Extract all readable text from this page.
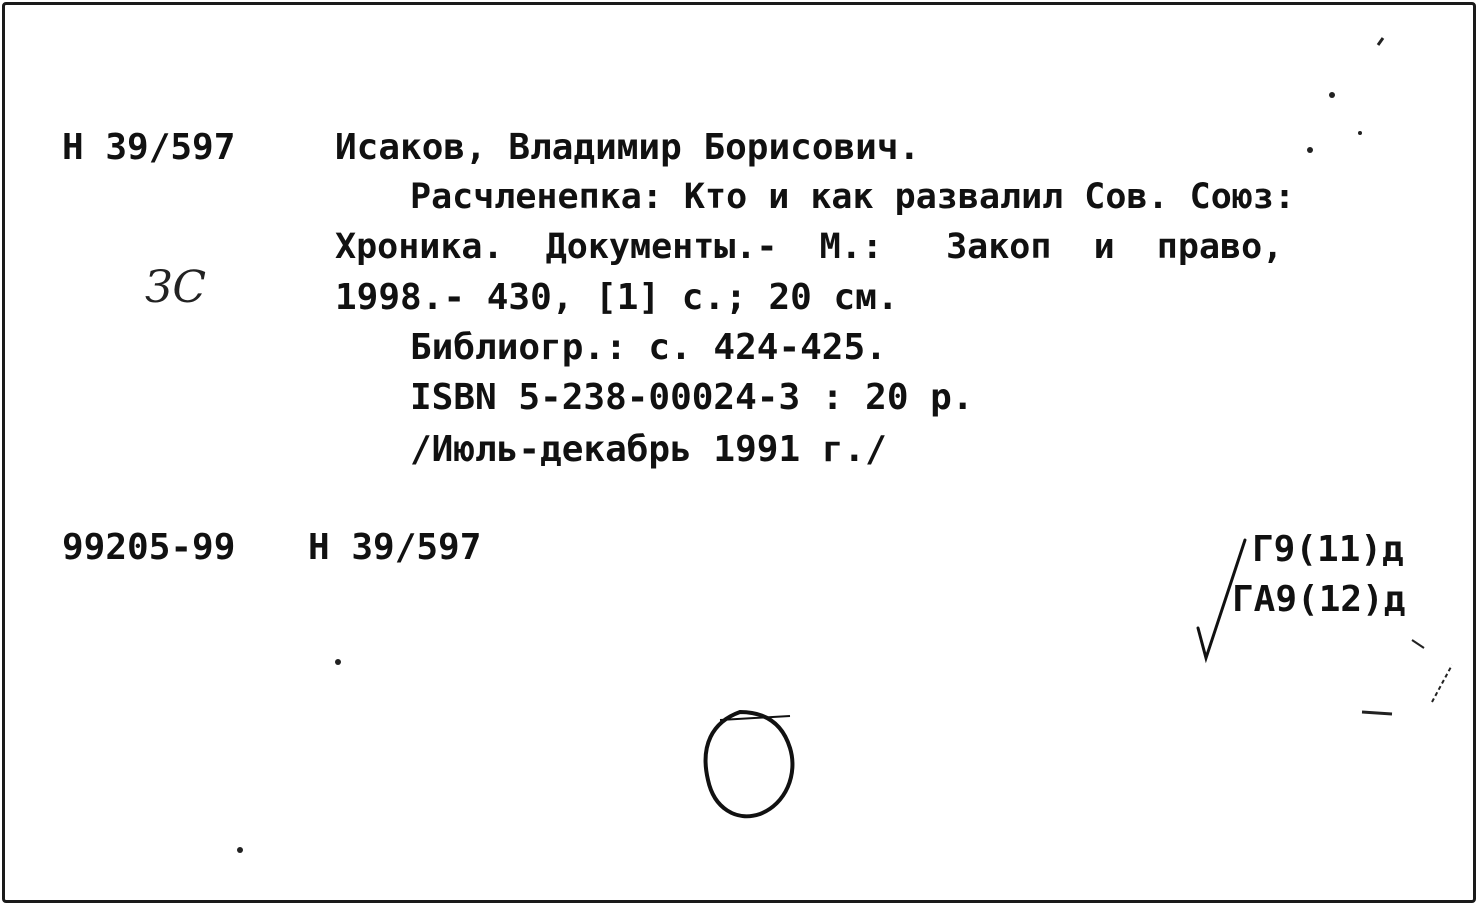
Н 39/597	Исаков, Владимир Борисович.
Расчленепка: Кто и как развалил Сов. Союз:
Хроника.  Документы.-  М.:   Закоп  и  право,
1998.- 430, [1] с.; 20 см.
Библиогр.: с. 424-425.
ISBN 5-238-00024-3 : 20 р.
/Июль-декабрь 1991 г./
99205-99 Н 39/597	Г9(11)д
ГА9(12)д
ЗС
